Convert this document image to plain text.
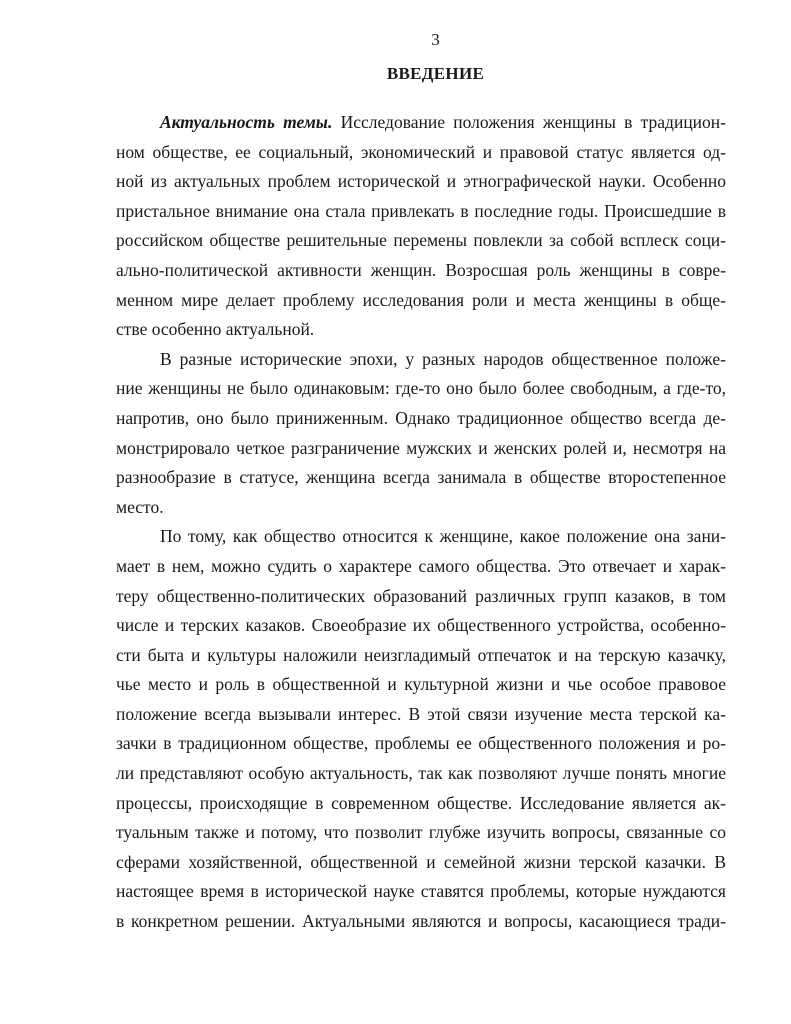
3
ВВЕДЕНИЕ
Актуальность темы. Исследование положения женщины в традицион-
ном обществе, ее социальный, экономический и правовой статус является од-
ной из актуальных проблем исторической и этнографической науки. Особенно
пристальное внимание она стала привлекать в последние годы. Происшедшие в
российском обществе решительные перемены повлекли за собой всплеск соци-
ально-политической активности женщин. Возросшая роль женщины в совре-
менном мире делает проблему исследования роли и места женщины в обще-
стве особенно актуальной.
В разные исторические эпохи, у разных народов общественное положе-
ние женщины не было одинаковым: где-то оно было более свободным, а где-то,
напротив, оно было приниженным. Однако традиционное общество всегда де-
монстрировало четкое разграничение мужских и женских ролей и, несмотря на
разнообразие в статусе, женщина всегда занимала в обществе второстепенное
место.
По тому, как общество относится к женщине, какое положение она зани-
мает в нем, можно судить о характере самого общества. Это отвечает и харак-
теру общественно-политических образований различных групп казаков, в том
числе и терских казаков. Своеобразие их общественного устройства, особенно-
сти быта и культуры наложили неизгладимый отпечаток и на терскую казачку,
чье место и роль в общественной и культурной жизни и чье особое правовое
положение всегда вызывали интерес. В этой связи изучение места терской ка-
зачки в традиционном обществе, проблемы ее общественного положения и ро-
ли представляют особую актуальность, так как позволяют лучше понять многие
процессы, происходящие в современном обществе. Исследование является ак-
туальным также и потому, что позволит глубже изучить вопросы, связанные со
сферами хозяйственной, общественной и семейной жизни терской казачки. В
настоящее время в исторической науке ставятся проблемы, которые нуждаются
в конкретном решении. Актуальными являются и вопросы, касающиеся тради-
